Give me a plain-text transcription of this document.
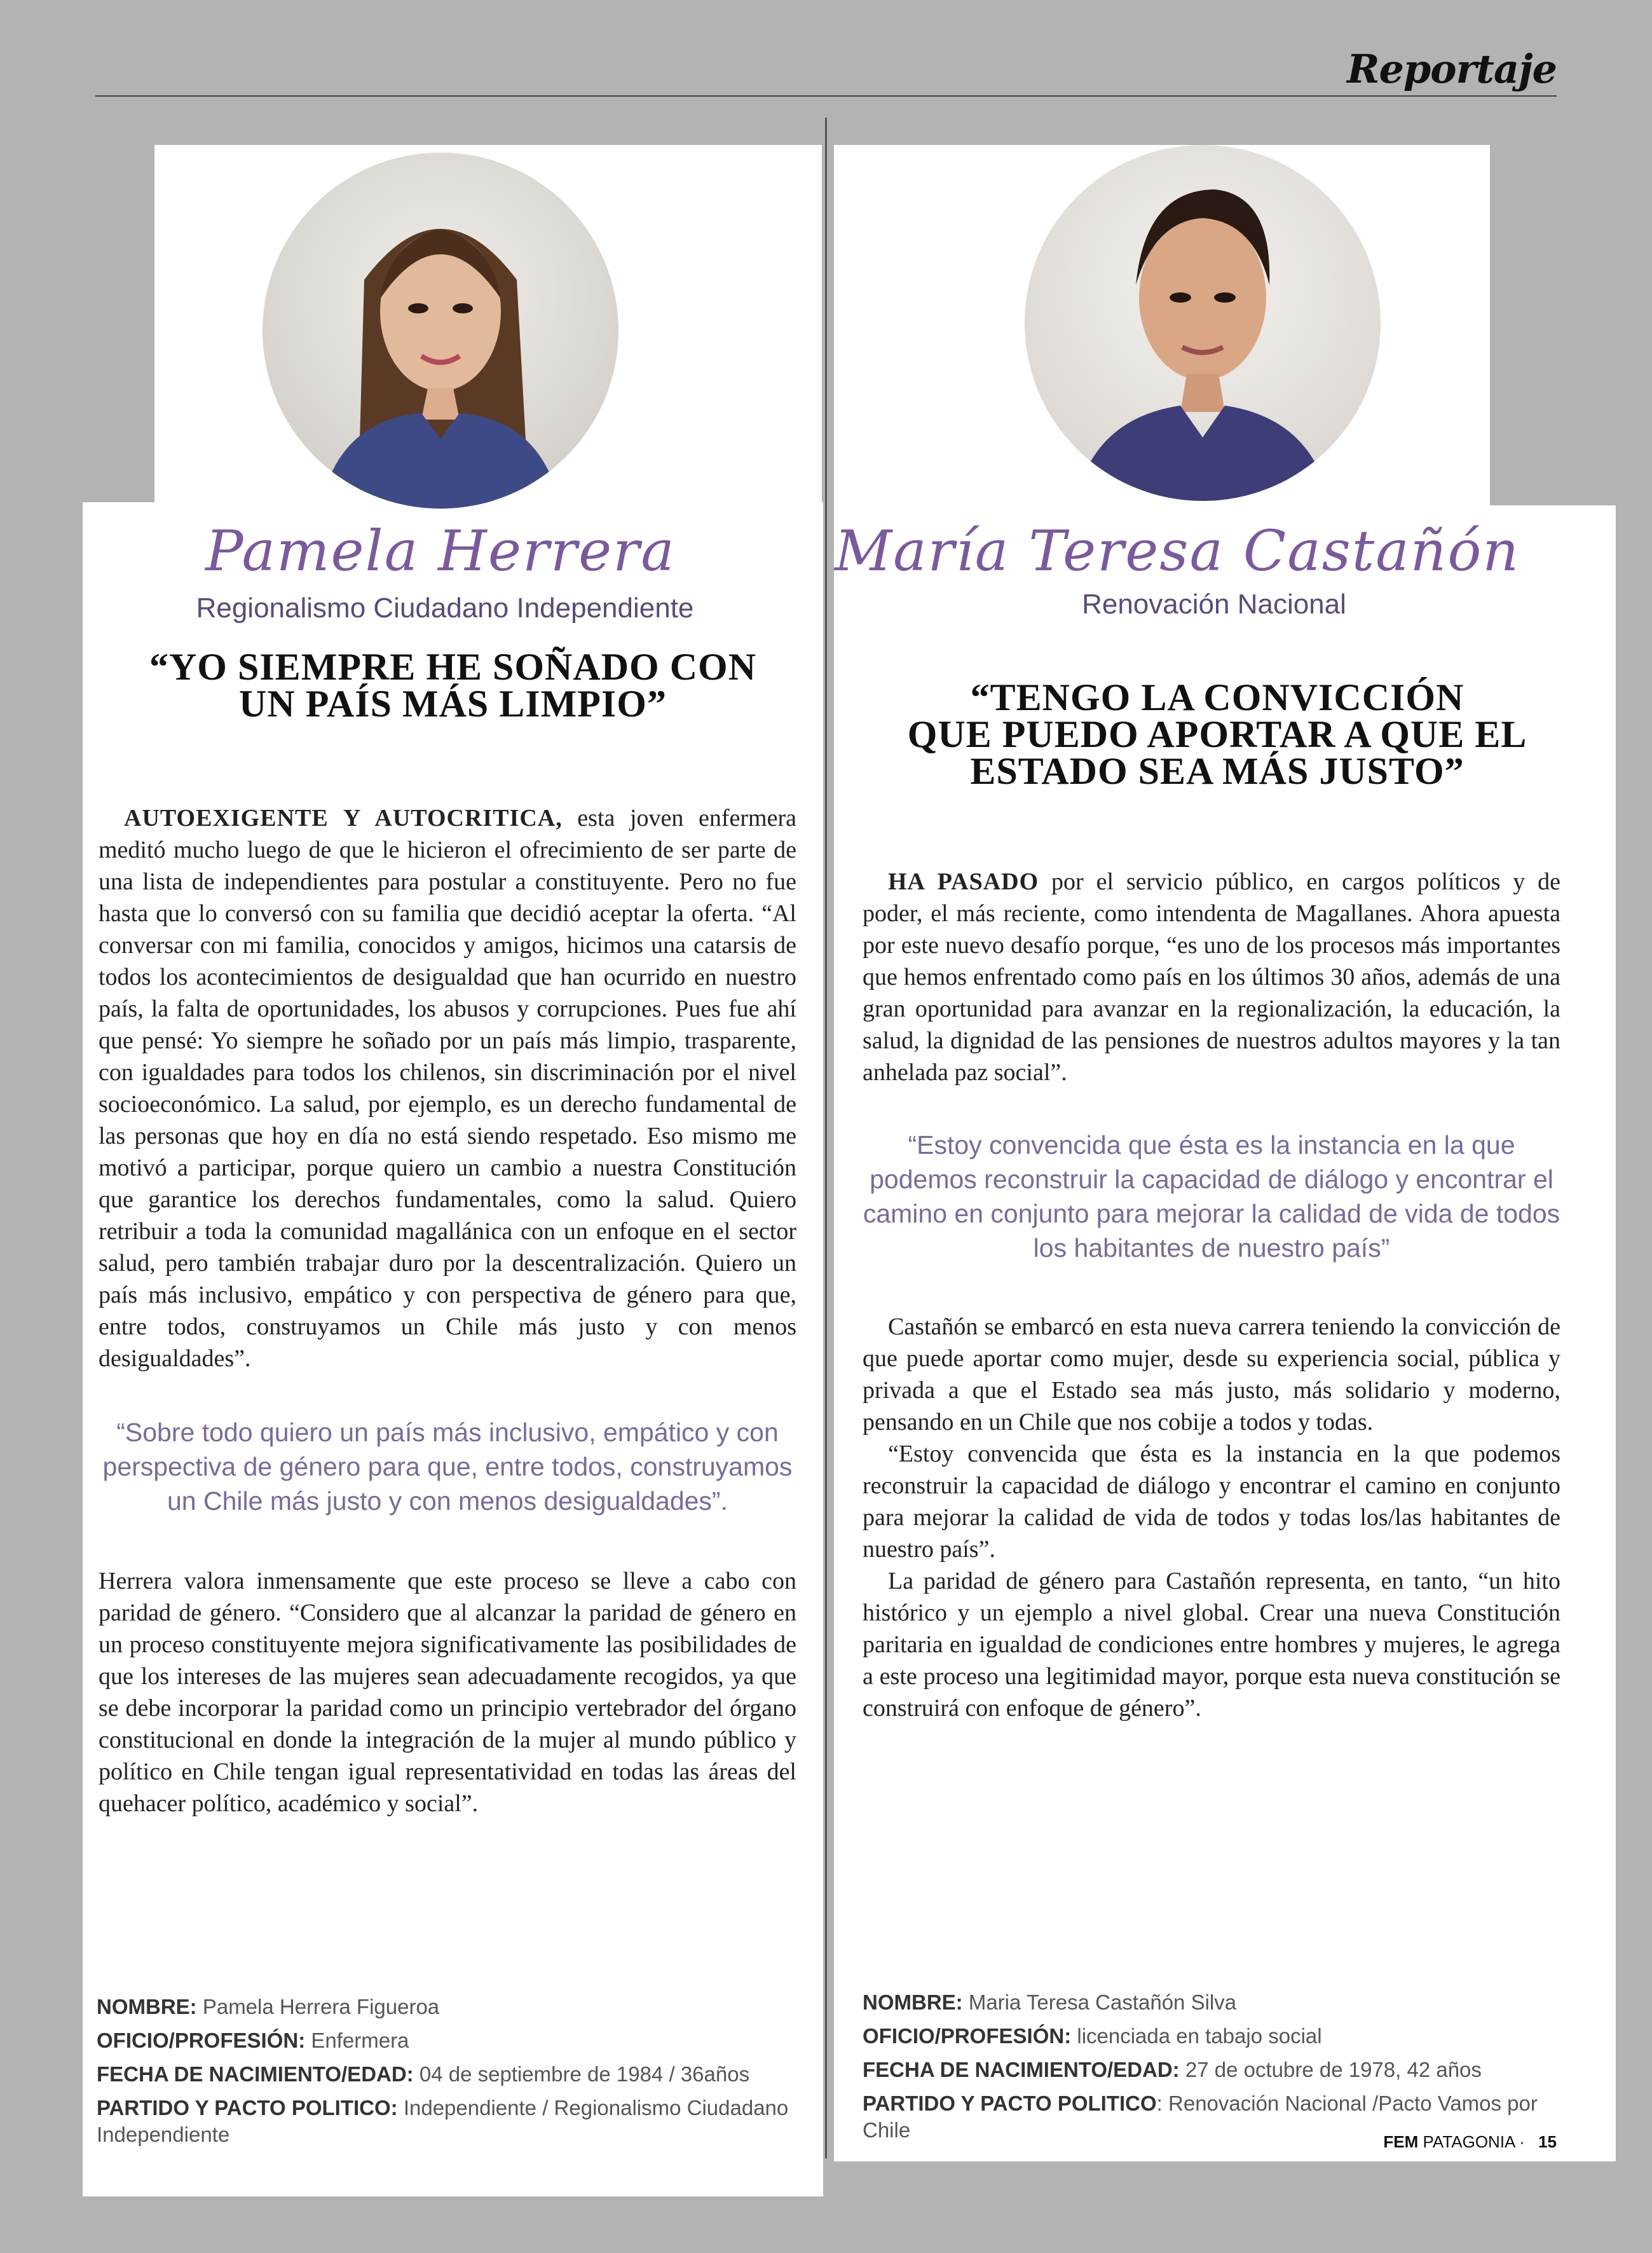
Reportaje
Pamela Herrera
Regionalismo Ciudadano Independiente
“YO SIEMPRE HE SOÑADO CON
UN PAÍS MÁS LIMPIO”

AUTOEXIGENTE Y AUTOCRITICA, esta joven enfermera meditó mucho luego de que le hicieron el ofrecimiento de ser parte de una lista de independientes para postular a constituyente. Pero no fue hasta que lo conversó con su familia que decidió aceptar la oferta. “Al conversar con mi familia, conocidos y amigos, hicimos una catarsis de todos los acontecimientos de desigualdad que han ocurrido en nuestro país, la falta de oportunidades, los abusos y corrupciones. Pues fue ahí que pensé: Yo siempre he soñado por un país más limpio, trasparente, con igualdades para todos los chilenos, sin discriminación por el nivel socioeconómico. La salud, por ejemplo, es un derecho fundamental de las personas que hoy en día no está siendo respetado. Eso mismo me motivó a participar, porque quiero un cambio a nuestra Constitución que garantice los derechos fundamentales, como la salud. Quiero retribuir a toda la comunidad magallánica con un enfoque en el sector salud, pero también trabajar duro por la descentralización. Quiero un país más inclusivo, empático y con perspectiva de género para que, entre todos, construyamos un Chile más justo y con menos desigualdades”.

“Sobre todo quiero un país más inclusivo, empático y con perspectiva de género para que, entre todos, construyamos un Chile más justo y con menos desigualdades”.

Herrera valora inmensamente que este proceso se lleve a cabo con paridad de género. “Considero que al alcanzar la paridad de género en un proceso constituyente mejora significativamente las posibilidades de que los intereses de las mujeres sean adecuadamente recogidos, ya que se debe incorporar la paridad como un principio vertebrador del órgano constitucional en donde la integración de la mujer al mundo público y político en Chile tengan igual representatividad en todas las áreas del quehacer político, académico y social”.

NOMBRE: Pamela Herrera Figueroa
OFICIO/PROFESIÓN: Enfermera
FECHA DE NACIMIENTO/EDAD: 04 de septiembre de 1984 / 36años
PARTIDO Y PACTO POLITICO: Independiente / Regionalismo Ciudadano Independiente
María Teresa Castañón
Renovación Nacional
“TENGO LA CONVICCIÓN
QUE PUEDO APORTAR A QUE EL
ESTADO SEA MÁS JUSTO”

HA PASADO por el servicio público, en cargos políticos y de poder, el más reciente, como intendenta de Magallanes. Ahora apuesta por este nuevo desafío porque, “es uno de los procesos más importantes que hemos enfrentado como país en los últimos 30 años, además de una gran oportunidad para avanzar en la regionalización, la educación, la salud, la dignidad de las pensiones de nuestros adultos mayores y la tan anhelada paz social”.

“Estoy convencida que ésta es la instancia en la que podemos reconstruir la capacidad de diálogo y encontrar el camino en conjunto para mejorar la calidad de vida de todos los habitantes de nuestro país”

Castañón se embarcó en esta nueva carrera teniendo la convicción de que puede aportar como mujer, desde su experiencia social, pública y privada a que el Estado sea más justo, más solidario y moderno, pensando en un Chile que nos cobije a todos y todas.

“Estoy convencida que ésta es la instancia en la que podemos reconstruir la capacidad de diálogo y encontrar el camino en conjunto para mejorar la calidad de vida de todos y todas los/las habitantes de nuestro país”.

La paridad de género para Castañón representa, en tanto, “un hito histórico y un ejemplo a nivel global. Crear una nueva Constitución paritaria en igualdad de condiciones entre hombres y mujeres, le agrega a este proceso una legitimidad mayor, porque esta nueva constitución se construirá con enfoque de género”.

NOMBRE: Maria Teresa Castañón Silva
OFICIO/PROFESIÓN: licenciada en tabajo social
FECHA DE NACIMIENTO/EDAD: 27 de octubre de 1978, 42 años
PARTIDO Y PACTO POLITICO: Renovación Nacional /Pacto Vamos por Chile	FEM PATAGONIA · 15
